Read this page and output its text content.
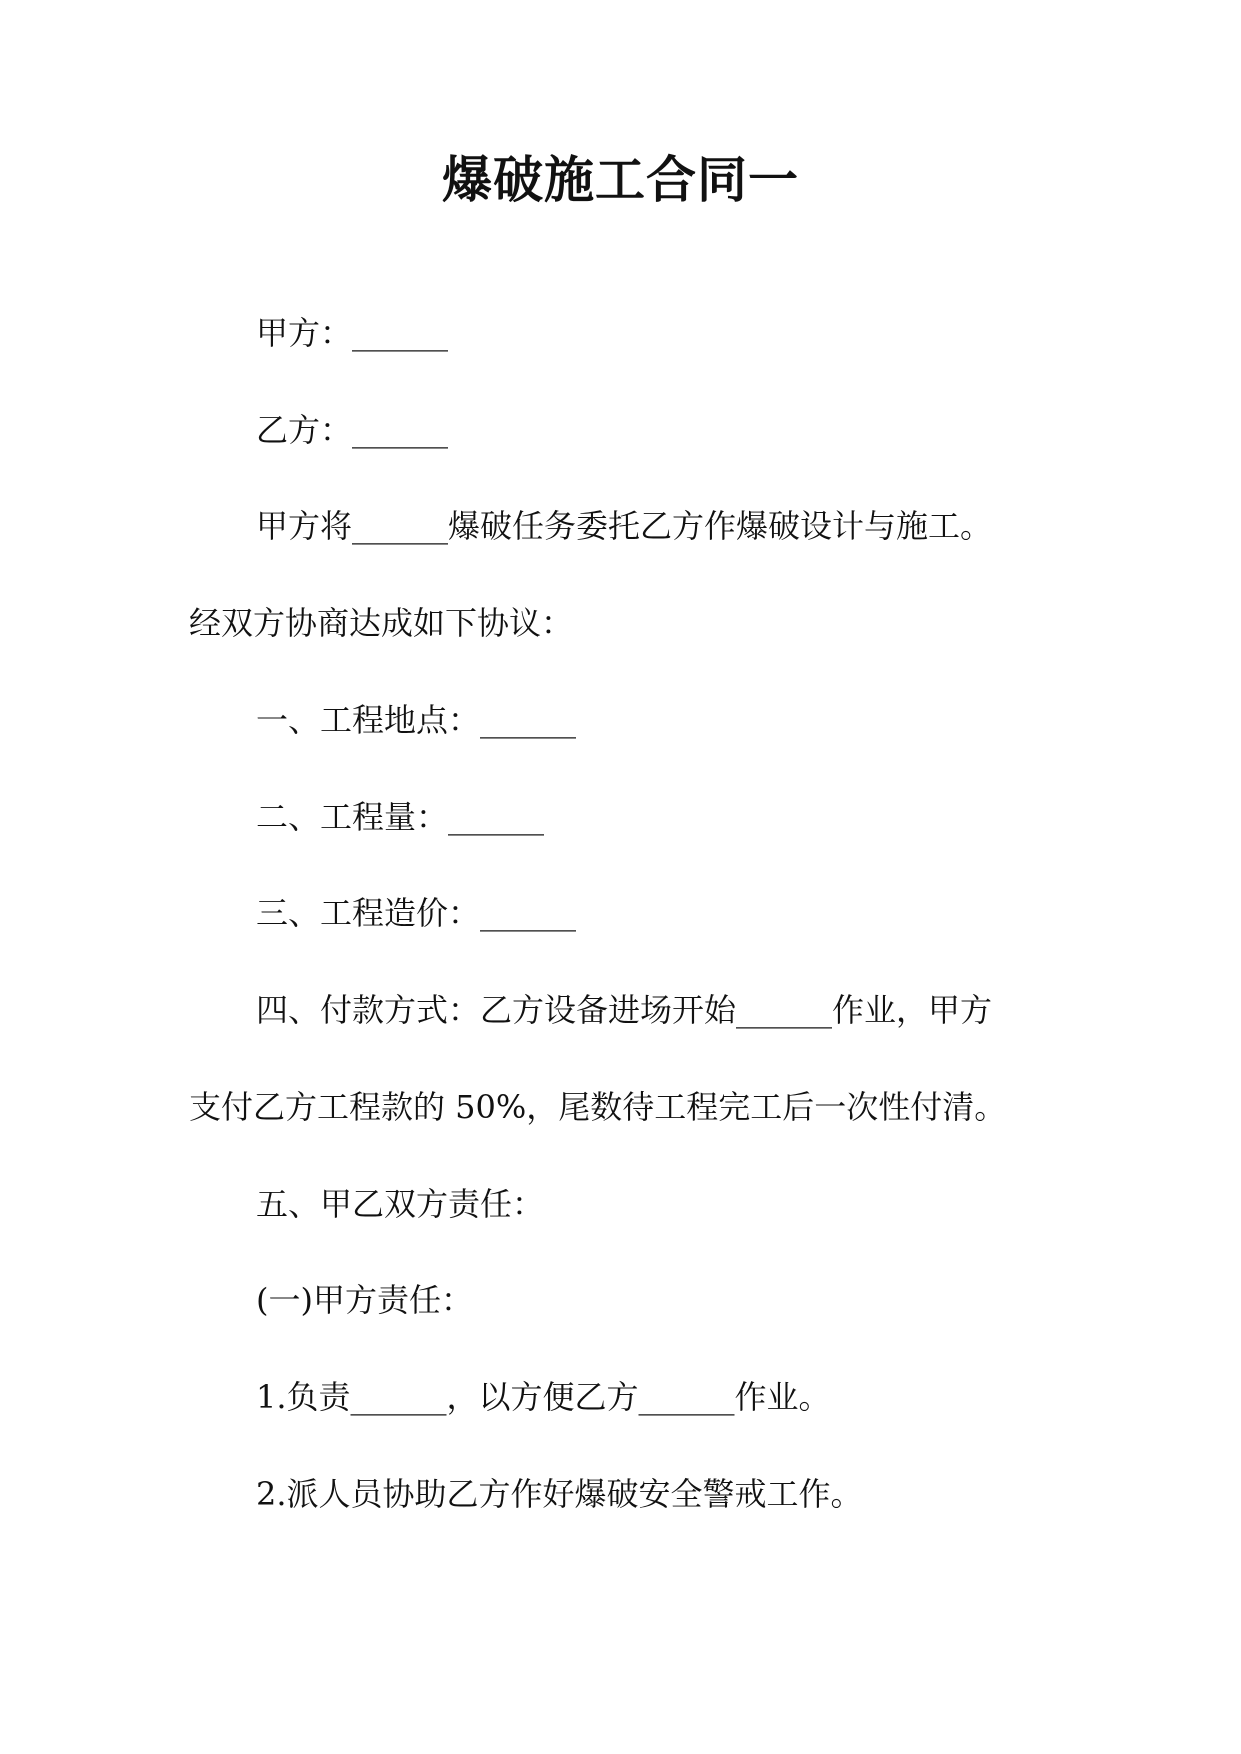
爆破施工合同一
甲方：______
乙方：______
甲方将______爆破任务委托乙方作爆破设计与施工。
经双方协商达成如下协议：
一、工程地点：______
二、工程量：______
三、工程造价：______
四、付款方式：乙方设备进场开始______作业，甲方
支付乙方工程款的 50%，尾数待工程完工后一次性付清。
五、甲乙双方责任：
(一)甲方责任：
1.负责______，以方便乙方______作业。
2.派人员协助乙方作好爆破安全警戒工作。
